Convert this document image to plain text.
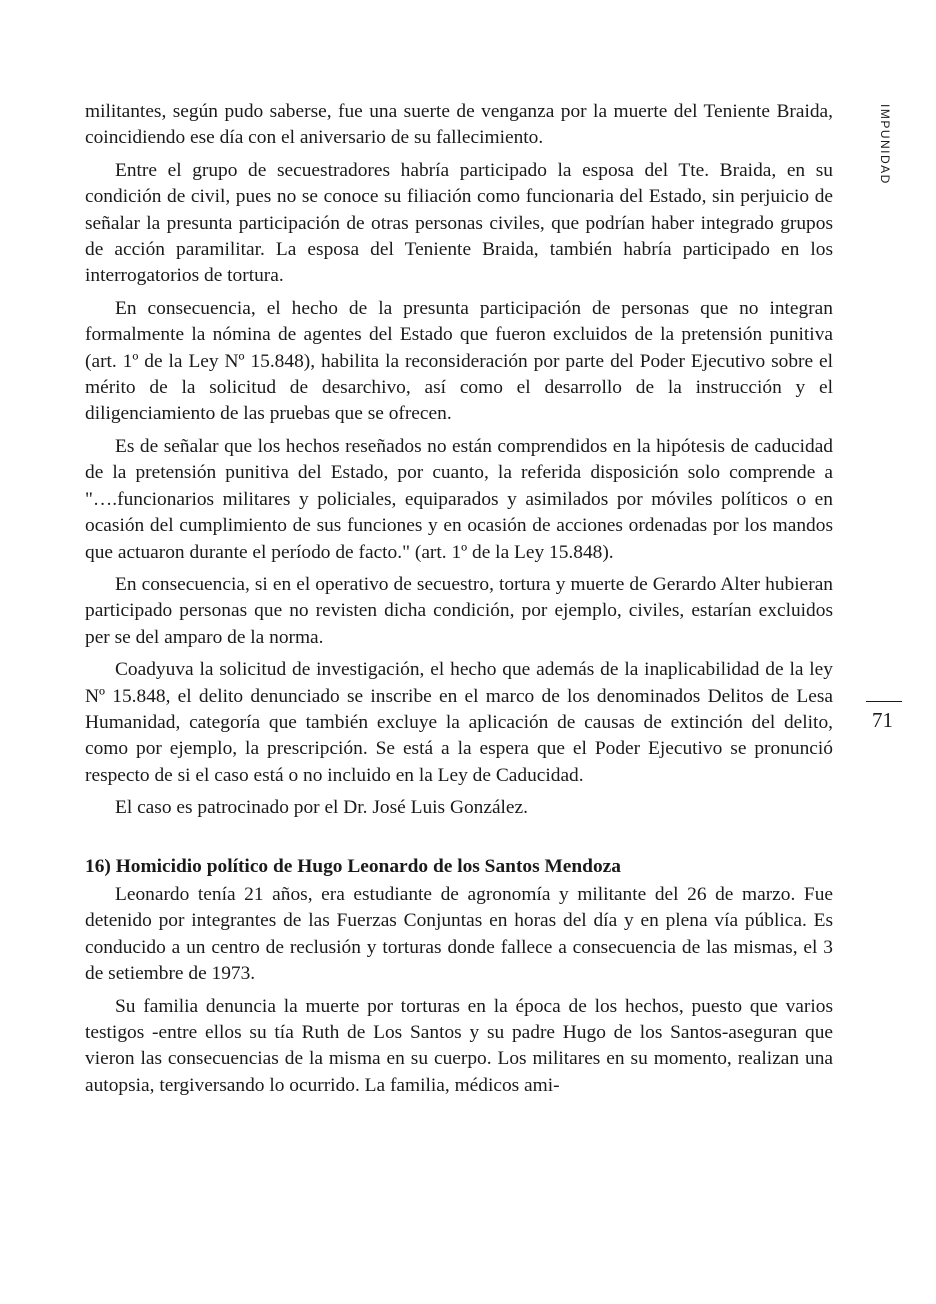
militantes, según pudo saberse, fue una suerte de venganza por la muerte del Teniente Braida, coincidiendo ese día con el aniversario de su fallecimiento.

Entre el grupo de secuestradores habría participado la esposa del Tte. Braida, en su condición de civil, pues no se conoce su filiación como funcionaria del Estado, sin perjuicio de señalar la presunta participación de otras personas civiles, que podrían haber integrado grupos de acción paramilitar. La esposa del Teniente Braida, también habría participado en los interrogatorios de tortura.

En consecuencia, el hecho de la presunta participación de personas que no integran formalmente la nómina de agentes del Estado que fueron excluidos de la pretensión punitiva (art. 1º de la Ley Nº 15.848), habilita la reconsideración por parte del Poder Ejecutivo sobre el mérito de la solicitud de desarchivo, así como el desarrollo de la instrucción y el diligenciamiento de las pruebas que se ofrecen.

Es de señalar que los hechos reseñados no están comprendidos en la hipótesis de caducidad de la pretensión punitiva del Estado, por cuanto, la referida disposición solo comprende a "….funcionarios militares y policiales, equiparados y asimilados por móviles políticos o en ocasión del cumplimiento de sus funciones y en ocasión de acciones ordenadas por los mandos que actuaron durante el período de facto." (art. 1º de la Ley 15.848).

En consecuencia, si en el operativo de secuestro, tortura y muerte de Gerardo Alter hubieran participado personas que no revisten dicha condición, por ejemplo, civiles, estarían excluidos per se del amparo de la norma.

Coadyuva la solicitud de investigación, el hecho que además de la inaplicabilidad de la ley Nº 15.848, el delito denunciado se inscribe en el marco de los denominados Delitos de Lesa Humanidad, categoría que también excluye la aplicación de causas de extinción del delito, como por ejemplo, la prescripción. Se está a la espera que el Poder Ejecutivo se pronunció respecto de si el caso está o no incluido en la Ley de Caducidad.

El caso es patrocinado por el Dr. José Luis González.

16) Homicidio político de Hugo Leonardo de los Santos Mendoza

Leonardo tenía 21 años, era estudiante de agronomía y militante del 26 de marzo. Fue detenido por integrantes de las Fuerzas Conjuntas en horas del día y en plena vía pública. Es conducido a un centro de reclusión y torturas donde fallece a consecuencia de las mismas, el 3 de setiembre de 1973.

Su familia denuncia la muerte por torturas en la época de los hechos, puesto que varios testigos -entre ellos su tía Ruth de Los Santos y su padre Hugo de los Santos-aseguran que vieron las consecuencias de la misma en su cuerpo. Los militares en su momento, realizan una autopsia, tergiversando lo ocurrido. La familia, médicos ami-

IMPUNIDAD
71
